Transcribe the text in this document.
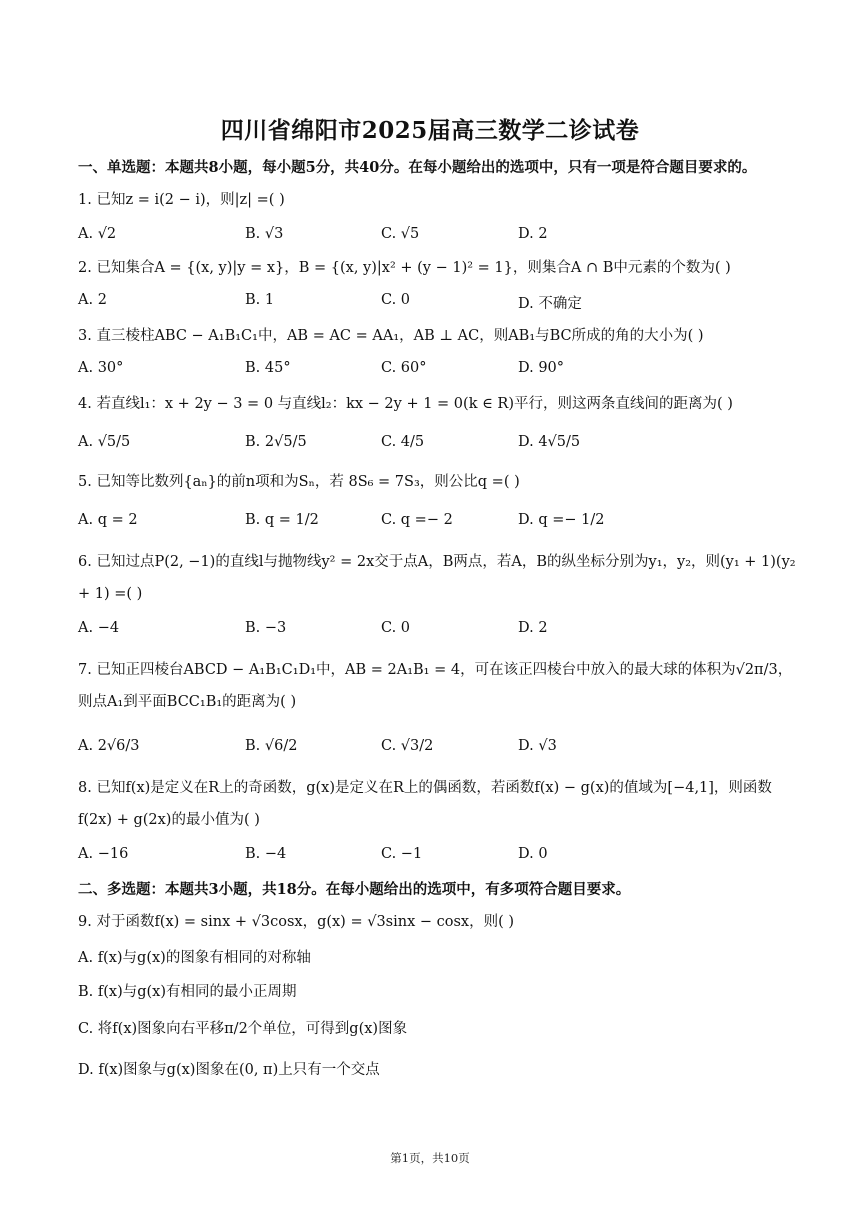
四川省绵阳市2025届高三数学二诊试卷
一、单选题：本题共8小题，每小题5分，共40分。在每小题给出的选项中，只有一项是符合题目要求的。
1. 已知z = i(2 − i)，则|z| =( )
A. √2	B. √3	C. √5	D. 2
2. 已知集合A = {(x, y)|y = x}，B = {(x, y)|x² + (y − 1)² = 1}，则集合A ∩ B中元素的个数为( )
A. 2	B. 1	C. 0	D. 不确定
3. 直三棱柱ABC − A₁B₁C₁中，AB = AC = AA₁，AB ⊥ AC，则AB₁与BC所成的角的大小为( )
A. 30°	B. 45°	C. 60°	D. 90°
4. 若直线l₁：x + 2y − 3 = 0 与直线l₂：kx − 2y + 1 = 0(k ∈ R)平行，则这两条直线间的距离为( )
A. √5/5	B. 2√5/5	C. 4/5	D. 4√5/5
5. 已知等比数列{aₙ}的前n项和为Sₙ，若 8S₆ = 7S₃，则公比q =( )
A. q = 2	B. q = 1/2	C. q =− 2	D. q =− 1/2
6. 已知过点P(2, −1)的直线l与抛物线y² = 2x交于点A，B两点，若A，B的纵坐标分别为y₁，y₂，则(y₁ + 1)(y₂ + 1) =( )
A. −4	B. −3	C. 0	D. 2
7. 已知正四棱台ABCD − A₁B₁C₁D₁中，AB = 2A₁B₁ = 4，可在该正四棱台中放入的最大球的体积为√2π/3，则点A₁到平面BCC₁B₁的距离为( )
A. 2√6/3	B. √6/2	C. √3/2	D. √3
8. 已知f(x)是定义在R上的奇函数，g(x)是定义在R上的偶函数，若函数f(x) − g(x)的值域为[−4,1]，则函数f(2x) + g(2x)的最小值为( )
A. −16	B. −4	C. −1	D. 0
二、多选题：本题共3小题，共18分。在每小题给出的选项中，有多项符合题目要求。
9. 对于函数f(x) = sinx + √3cosx，g(x) = √3sinx − cosx，则( )
A. f(x)与g(x)的图象有相同的对称轴
B. f(x)与g(x)有相同的最小正周期
C. 将f(x)图象向右平移π/2个单位，可得到g(x)图象
D. f(x)图象与g(x)图象在(0, π)上只有一个交点
第1页，共10页
